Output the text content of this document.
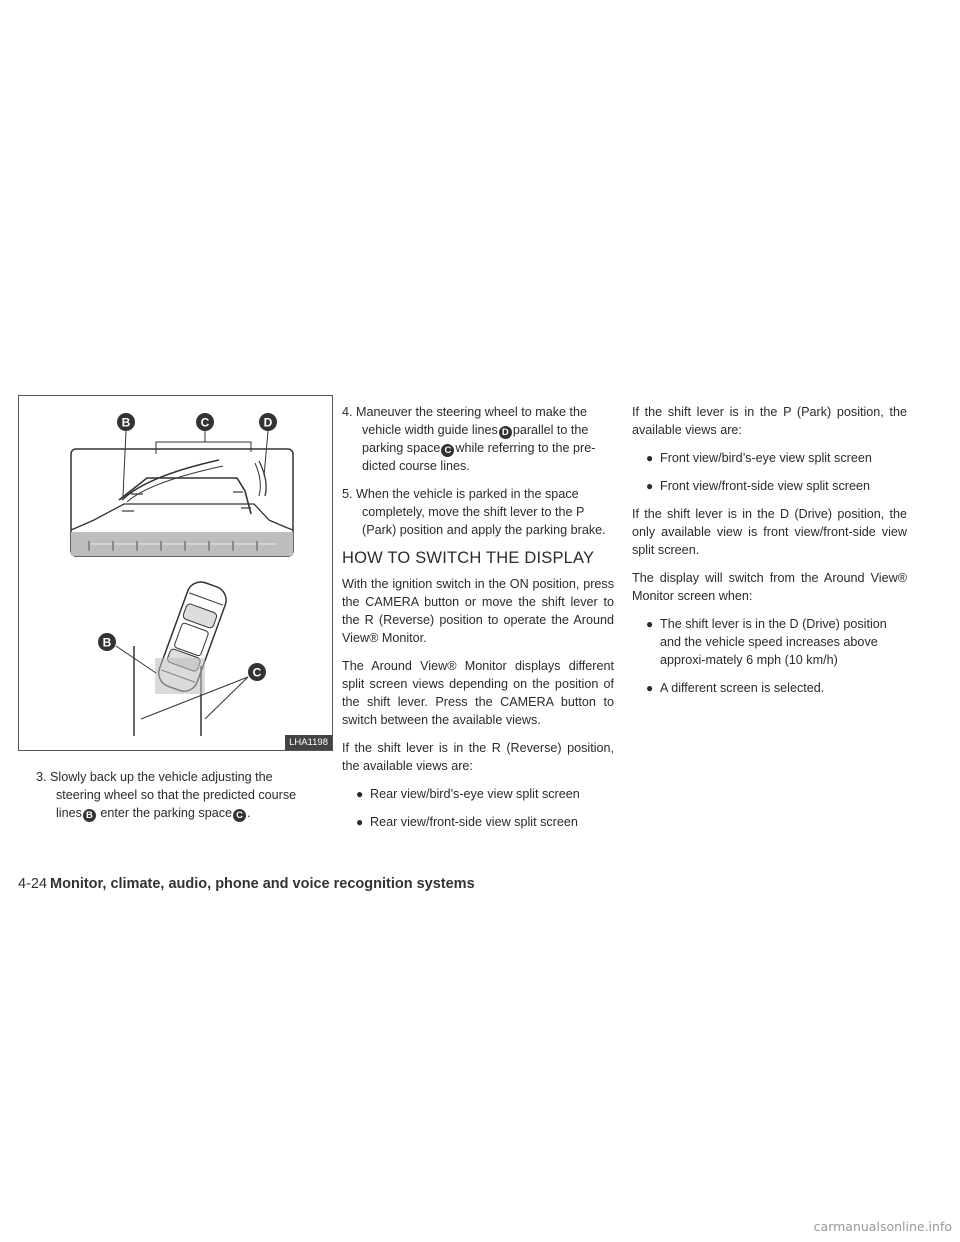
B	C	D
B
C
LHA1198
3. Slowly back up the vehicle adjusting the
steering wheel so that the predicted course
lines B enter the parking space C .
4. Maneuver the steering wheel to make the
vehicle width guide lines D parallel to the
parking space C while referring to the pre-
dicted course lines.
5. When the vehicle is parked in the space
completely, move the shift lever to the P
(Park) position and apply the parking brake.
HOW TO SWITCH THE DISPLAY

With the ignition switch in the ON position, press the CAMERA button or move the shift lever to the R (Reverse) position to operate the Around View® Monitor.

The Around View® Monitor displays different split screen views depending on the position of the shift lever. Press the CAMERA button to switch between the available views.

If the shift lever is in the R (Reverse) position, the available views are:

● Rear view/bird’s-eye view split screen
● Rear view/front-side view split screen

If the shift lever is in the P (Park) position, the available views are:

● Front view/bird’s-eye view split screen
● Front view/front-side view split screen

If the shift lever is in the D (Drive) position, the only available view is front view/front-side view split screen.

The display will switch from the Around View® Monitor screen when:

● The shift lever is in the D (Drive) position and the vehicle speed increases above approxi-mately 6 mph (10 km/h)
● A different screen is selected.
4-24 Monitor, climate, audio, phone and voice recognition systems
carmanualsonline.info
